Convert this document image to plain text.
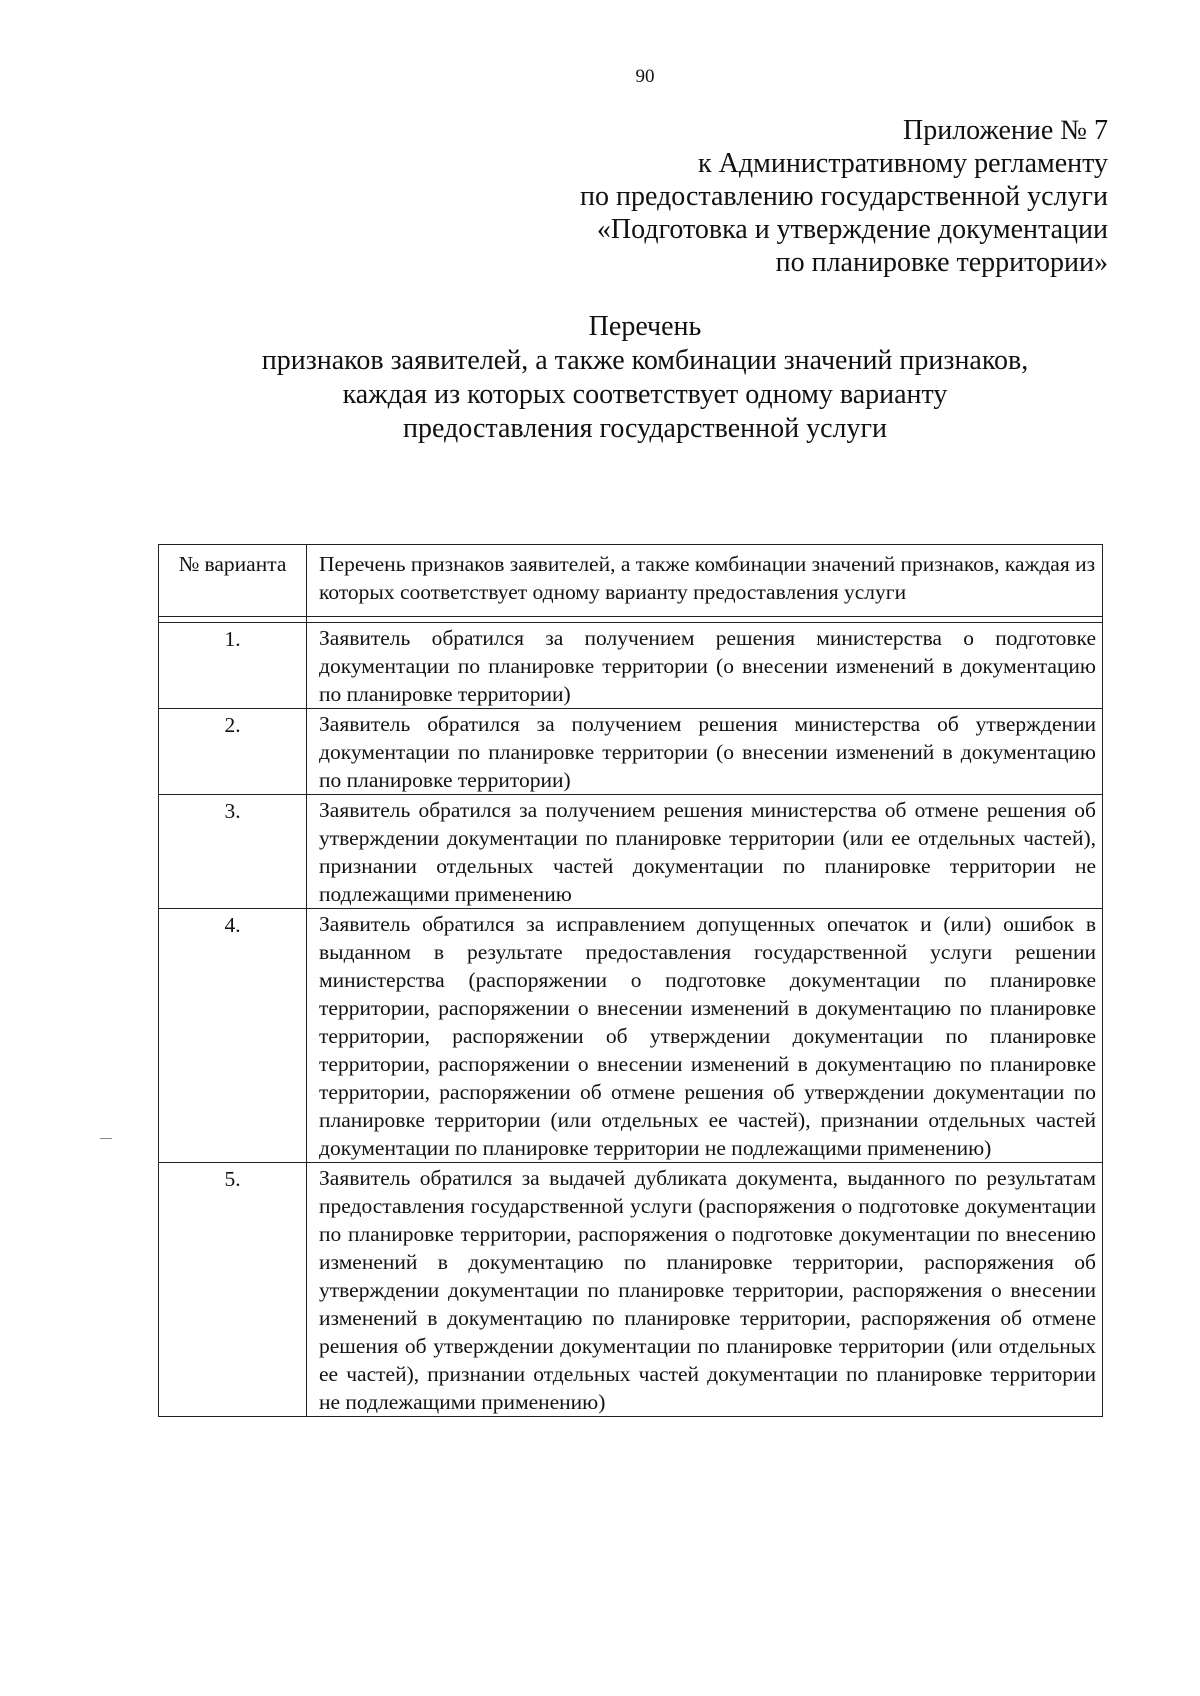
90
Приложение № 7
к Административному регламенту
по предоставлению государственной услуги
«Подготовка и утверждение документации
по планировке территории»
Перечень
признаков заявителей, а также комбинации значений признаков,
каждая из которых соответствует одному варианту
предоставления государственной услуги
№ варианта	Перечень признаков заявителей, а также комбинации значений признаков, каждая из которых соответствует одному варианту предоставления услуги

1.	Заявитель обратился за получением решения министерства о подготовке документации по планировке территории (о внесении изменений в документацию по планировке территории)
2.	Заявитель обратился за получением решения министерства об утверждении документации по планировке территории (о внесении изменений в документацию по планировке территории)
3.	Заявитель обратился за получением решения министерства об отмене решения об утверждении документации по планировке территории (или ее отдельных частей), признании отдельных частей документации по планировке территории не подлежащими применению
4.	Заявитель обратился за исправлением допущенных опечаток и (или) ошибок в выданном в результате предоставления государственной услуги решении министерства (распоряжении о подготовке документации по планировке территории, распоряжении о внесении изменений в документацию по планировке территории, распоряжении об утверждении документации по планировке территории, распоряжении о внесении изменений в документацию по планировке территории, распоряжении об отмене решения об утверждении документации по планировке территории (или отдельных ее частей), признании отдельных частей документации по планировке территории не подлежащими применению)
5.	Заявитель обратился за выдачей дубликата документа, выданного по результатам предоставления государственной услуги (распоряжения о подготовке документации по планировке территории, распоряжения о подготовке документации по внесению изменений в документацию по планировке территории, распоряжения об утверждении документации по планировке территории, распоряжения о внесении изменений в документацию по планировке территории, распоряжения об отмене решения об утверждении документации по планировке территории (или отдельных ее частей), признании отдельных частей документации по планировке территории не подлежащими применению)
